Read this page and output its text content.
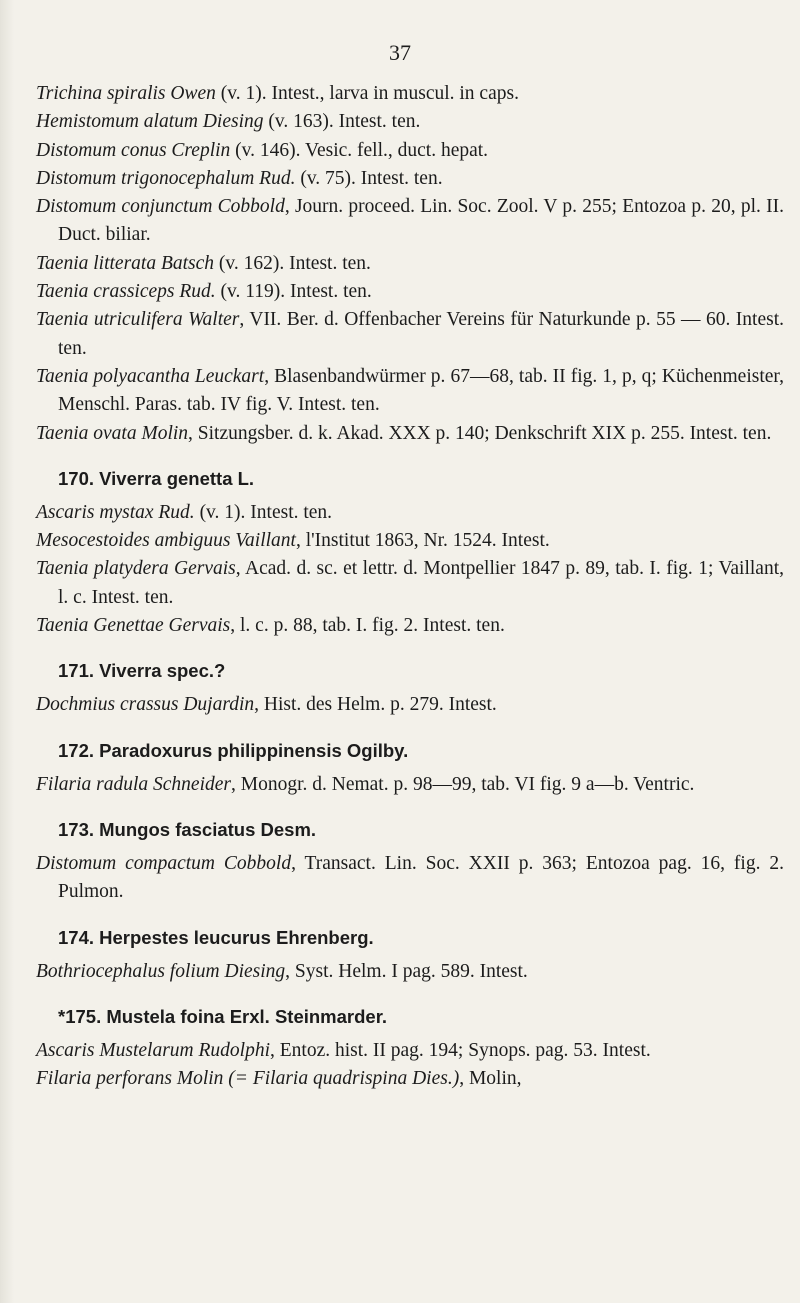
37
Trichina spiralis Owen (v. 1). Intest., larva in muscul. in caps.
Hemistomum alatum Diesing (v. 163). Intest. ten.
Distomum conus Creplin (v. 146). Vesic. fell., duct. hepat.
Distomum trigonocephalum Rud. (v. 75). Intest. ten.
Distomum conjunctum Cobbold, Journ. proceed. Lin. Soc. Zool. V p. 255; Entozoa p. 20, pl. II. Duct. biliar.
Taenia litterata Batsch (v. 162). Intest. ten.
Taenia crassiceps Rud. (v. 119). Intest. ten.
Taenia utriculifera Walter, VII. Ber. d. Offenbacher Vereins für Naturkunde p. 55 — 60. Intest. ten.
Taenia polyacantha Leuckart, Blasenbandwürmer p. 67—68, tab. II fig. 1, p, q; Küchenmeister, Menschl. Paras. tab. IV fig. V. Intest. ten.
Taenia ovata Molin, Sitzungsber. d. k. Akad. XXX p. 140; Denkschrift XIX p. 255. Intest. ten.
170. Viverra genetta L.
Ascaris mystax Rud. (v. 1). Intest. ten.
Mesocestoides ambiguus Vaillant, l'Institut 1863, Nr. 1524. Intest.
Taenia platydera Gervais, Acad. d. sc. et lettr. d. Montpellier 1847 p. 89, tab. I. fig. 1; Vaillant, l. c. Intest. ten.
Taenia Genettae Gervais, l. c. p. 88, tab. I. fig. 2. Intest. ten.
171. Viverra spec.?
Dochmius crassus Dujardin, Hist. des Helm. p. 279. Intest.
172. Paradoxurus philippinensis Ogilby.
Filaria radula Schneider, Monogr. d. Nemat. p. 98—99, tab. VI fig. 9 a—b. Ventric.
173. Mungos fasciatus Desm.
Distomum compactum Cobbold, Transact. Lin. Soc. XXII p. 363; Entozoa pag. 16, fig. 2. Pulmon.
174. Herpestes leucurus Ehrenberg.
Bothriocephalus folium Diesing, Syst. Helm. I pag. 589. Intest.
*175. Mustela foina Erxl. Steinmarder.
Ascaris Mustelarum Rudolphi, Entoz. hist. II pag. 194; Synops. pag. 53. Intest.
Filaria perforans Molin (= Filaria quadrispina Dies.), Molin,
